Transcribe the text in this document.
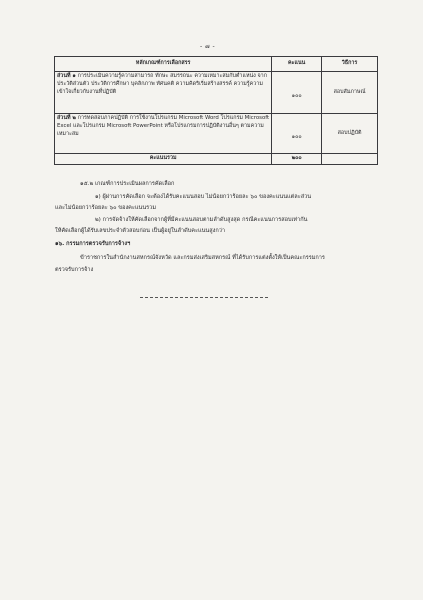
- ๗ -
หลักเกณฑ์การเลือกสรร	คะแนน	วิธีการ
ส่วนที่ ๑ การประเมินความรู้ความสามารถ ทักษะ สมรรถนะ ความเหมาะสมกับตำแหน่ง จากประวัติส่วนตัว ประวัติการศึกษา บุคลิกภาพ ทัศนคติ ความคิดริเริ่มสร้างสรรค์ ความรู้ความเข้าใจเกี่ยวกับงานที่ปฏิบัติ	๑๐๐	สอบสัมภาษณ์
ส่วนที่ ๒ การทดสอบภาคปฏิบัติ การใช้งานโปรแกรม Microsoft Word โปรแกรม Microsoft Excel และโปรแกรม Microsoft PowerPoint หรือโปรแกรมการปฏิบัติงานอื่นๆ ตามความเหมาะสม	๑๐๐	สอบปฏิบัติ
คะแนนรวม	๒๐๐	
๑๕.๒ เกณฑ์การประเมินผลการคัดเลือก
๑) ผู้ผ่านการคัดเลือก จะต้องได้รับคะแนนสอบ ไม่น้อยกว่าร้อยละ ๖๐ ของคะแนนแต่ละส่วน
และไม่น้อยกว่าร้อยละ ๖๐ ของคะแนนรวม
๒) การจัดจ้างให้คัดเลือกจากผู้ที่มีคะแนนสอบตามลำดับสูงสุด กรณีคะแนนการสอบเท่ากัน
ให้คัดเลือกผู้ได้รับเลขประจำตัวสอบก่อน เป็นผู้อยู่ในลำดับคะแนนสูงกว่า
๑๖. กรรมการตรวจรับการจ้างฯ
ข้าราชการในสำนักงานสหกรณ์จังหวัด และกรมส่งเสริมสหกรณ์ ที่ได้รับการแต่งตั้งให้เป็นคณะกรรมการ
ตรวจรับการจ้าง
